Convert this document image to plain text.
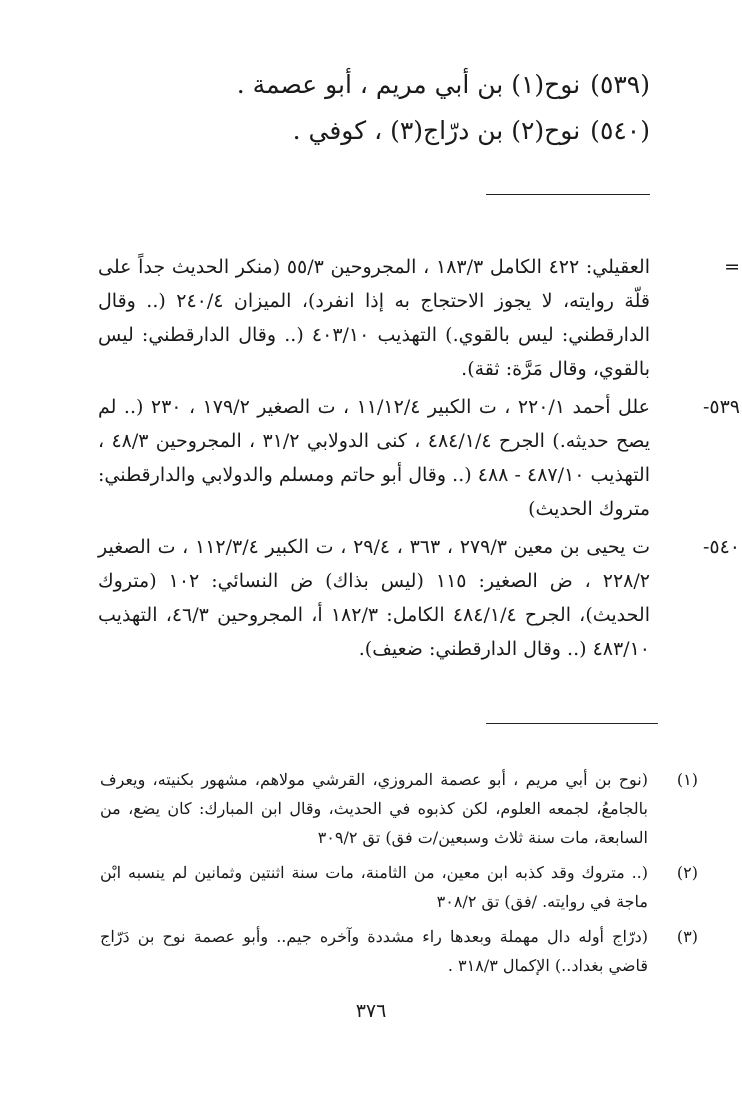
(٥٣٩)نوح(١) بن أبي مريم ، أبو عصمة .
(٥٤٠)نوح(٢) بن درّاج(٣) ، كوفي .
=
العقيلي: ٤٢٢ الكامل ١٨٣/٣ ، المجروحين ٥٥/٣ (منكر الحديث جداً على قلّة روايته، لا يجوز الاحتجاج به إذا انفرد)، الميزان ٢٤٠/٤ (.. وقال الدارقطني: ليس بالقوي.) التهذيب ٤٠٣/١٠ (.. وقال الدارقطني: ليس بالقوي، وقال مَرَّة: ثقة).
٥٣٩-
علل أحمد ٢٢٠/١ ، ت الكبير ١١/١٢/٤ ، ت الصغير ١٧٩/٢ ، ٢٣٠ (.. لم يصح حديثه.) الجرح ٤٨٤/١/٤ ، كنى الدولابي ٣١/٢ ، المجروحين ٤٨/٣ ، التهذيب ٤٨٧/١٠ - ٤٨٨ (.. وقال أبو حاتم ومسلم والدولابي والدارقطني: متروك الحديث)
٥٤٠-
ت يحيى بن معين ٢٧٩/٣ ، ٣٦٣ ، ٢٩/٤ ، ت الكبير ١١٢/٣/٤ ، ت الصغير ٢٢٨/٢ ، ض الصغير: ١١٥ (ليس بذاك) ض النسائي: ١٠٢ (متروك الحديث)، الجرح ٤٨٤/١/٤ الكامل: ١٨٢/٣ أ، المجروحين ٤٦/٣، التهذيب ٤٨٣/١٠ (.. وقال الدارقطني: ضعيف).
(١)
(نوح بن أبي مريم ، أبو عصمة المروزي، القرشي مولاهم، مشهور بكنيته، ويعرف بالجامعُ، لجمعه العلوم، لكن كذبوه في الحديث، وقال ابن المبارك: كان يضع، من السابعة، مات سنة ثلاث وسبعين/ت فق) تق ٣٠٩/٢
(٢)
(.. متروك وقد كذبه ابن معين، من الثامنة، مات سنة اثنتين وثمانين لم ينسبه ابْن ماجة في روايته. /فق) تق ٣٠٨/٢
(٣)
(درّاج أوله دال مهملة وبعدها راء مشددة وآخره جيم.. وأبو عصمة نوح بن دَرّاج قاضي بغداد..) الإكمال ٣١٨/٣ .
٣٧٦
